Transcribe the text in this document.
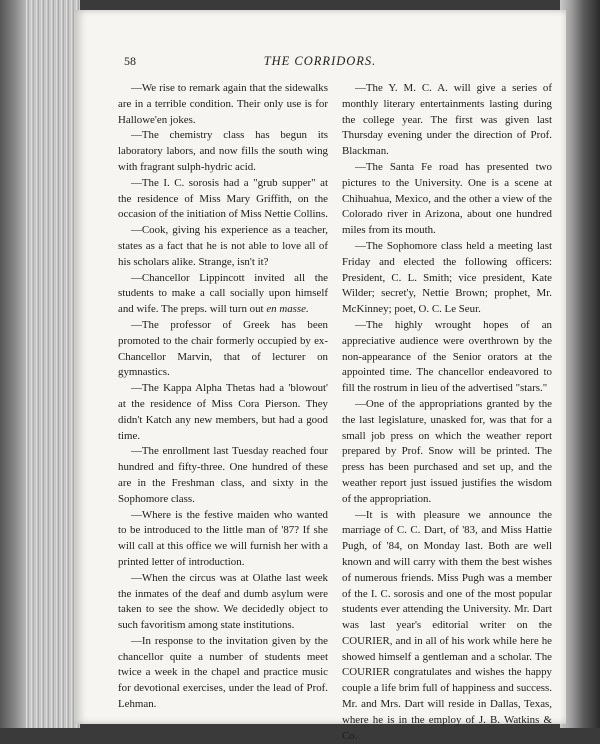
58	THE CORRIDORS.

—We rise to remark again that the sidewalks are in a terrible condition. Their only use is for Hallowe'en jokes.

—The chemistry class has begun its laboratory labors, and now fills the south wing with fragrant sulph-hydric acid.

—The I. C. sorosis had a "grub supper" at the residence of Miss Mary Griffith, on the occasion of the initiation of Miss Nettie Collins.

—Cook, giving his experience as a teacher, states as a fact that he is not able to love all of his scholars alike. Strange, isn't it?

—Chancellor Lippincott invited all the students to make a call socially upon himself and wife. The preps. will turn out en masse.

—The professor of Greek has been promoted to the chair formerly occupied by ex-Chancellor Marvin, that of lecturer on gymnastics.

—The Kappa Alpha Thetas had a 'blowout' at the residence of Miss Cora Pierson. They didn't Katch any new members, but had a good time.

—The enrollment last Tuesday reached four hundred and fifty-three. One hundred of these are in the Freshman class, and sixty in the Sophomore class.

—Where is the festive maiden who wanted to be introduced to the little man of '87? If she will call at this office we will furnish her with a printed letter of introduction.

—When the circus was at Olathe last week the inmates of the deaf and dumb asylum were taken to see the show. We decidedly object to such favoritism among state institutions.

—In response to the invitation given by the chancellor quite a number of students meet twice a week in the chapel and practice music for devotional exercises, under the lead of Prof. Lehman.

—The Y. M. C. A. will give a series of monthly literary entertainments lasting during the college year. The first was given last Thursday evening under the direction of Prof. Blackman.

—The Santa Fe road has presented two pictures to the University. One is a scene at Chihuahua, Mexico, and the other a view of the Colorado river in Arizona, about one hundred miles from its mouth.

—The Sophomore class held a meeting last Friday and elected the following officers: President, C. L. Smith; vice president, Kate Wilder; secret'y, Nettie Brown; prophet, Mr. McKinney; poet, O. C. Le Seur.

—The highly wrought hopes of an appreciative audience were overthrown by the non-appearance of the Senior orators at the appointed time. The chancellor endeavored to fill the rostrum in lieu of the advertised "stars."

—One of the appropriations granted by the the last legislature, unasked for, was that for a small job press on which the weather report prepared by Prof. Snow will be printed. The press has been purchased and set up, and the weather report just issued justifies the wisdom of the appropriation.

—It is with pleasure we announce the marriage of C. C. Dart, of '83, and Miss Hattie Pugh, of '84, on Monday last. Both are well known and will carry with them the best wishes of numerous friends. Miss Pugh was a member of the I. C. sorosis and one of the most popular students ever attending the University. Mr. Dart was last year's editorial writer on the COURIER, and in all of his work while here he showed himself a gentleman and a scholar. The COURIER congratulates and wishes the happy couple a life brim full of happiness and success. Mr. and Mrs. Dart will reside in Dallas, Texas, where he is in the employ of J. B. Watkins & Co.
